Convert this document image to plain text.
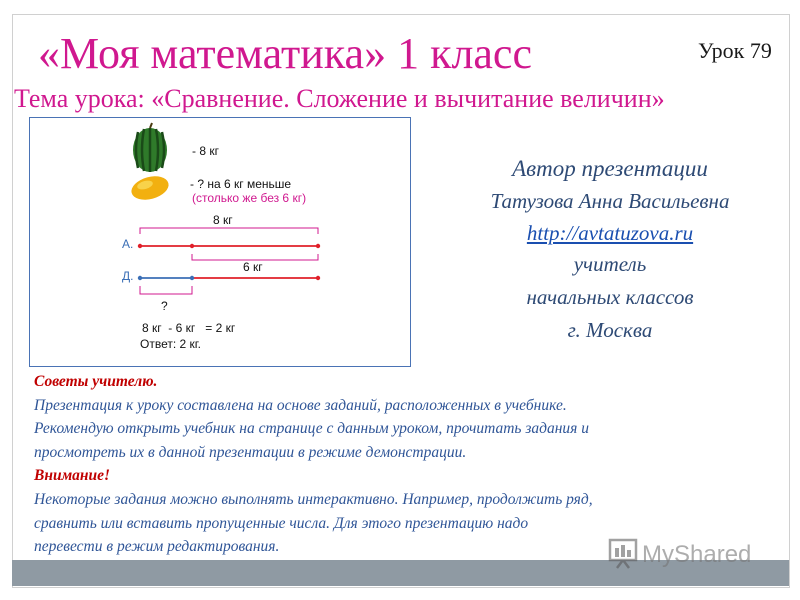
«Моя математика» 1 класс	Урок 79
Тема урока: «Сравнение. Сложение и вычитание величин»
- 8 кг
- ? на 6 кг меньше
(столько же без 6 кг)
8 кг
А.
6 кг
Д.
?
8 кг  - 6 кг   = 2 кг
Ответ: 2 кг.
Автор презентации
Татузова Анна Васильевна
http://avtatuzova.ru
учитель
начальных классов
г. Москва
Советы учителю.
Презентация к уроку составлена на основе заданий, расположенных в учебнике.
Рекомендую открыть учебник на странице с данным уроком, прочитать задания и
просмотреть их в данной презентации в режиме демонстрации.
Внимание!
Некоторые задания можно выполнять интерактивно. Например, продолжить ряд,
сравнить или вставить пропущенные числа. Для этого презентацию надо
перевести в режим редактирования.	MyShared
